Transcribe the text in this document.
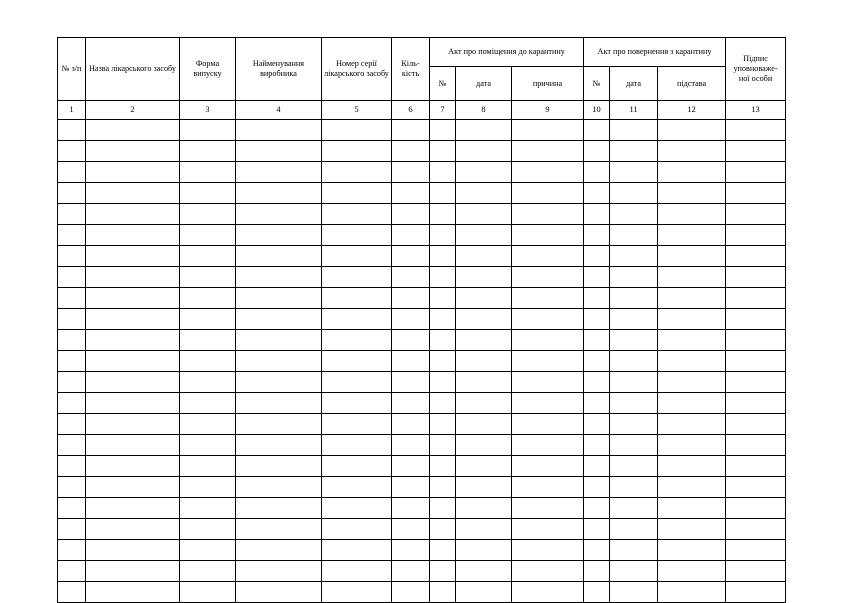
№ з/п	Назва лікарського засобу	Форма випуску	Найменування виробника	Номер серії лікарського засобу	Кіль- кість	Акт про поміщення до карантину			Акт про повернення з карантину			Підпис уповноваже- ної особи

						№	дата	причина	№	дата	підстава	

1	2	3	4	5	6	7	8	9	10	11	12	13
